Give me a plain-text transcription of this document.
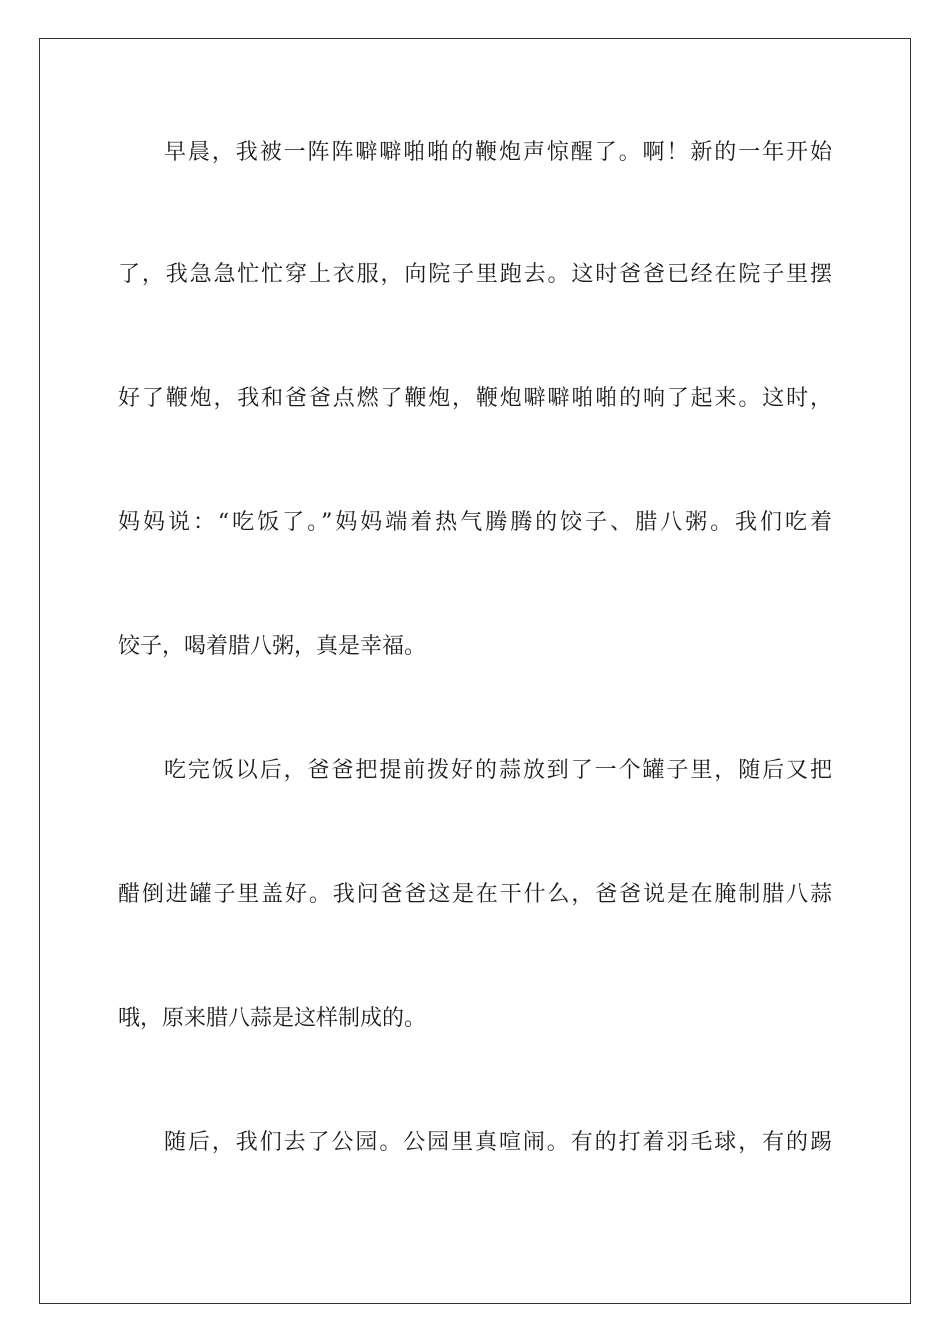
早晨，我被一阵阵噼噼啪啪的鞭炮声惊醒了。啊！新的一年开始
了，我急急忙忙穿上衣服，向院子里跑去。这时爸爸已经在院子里摆
好了鞭炮，我和爸爸点燃了鞭炮，鞭炮噼噼啪啪的响了起来。这时，
妈妈说：“吃饭了。”妈妈端着热气腾腾的饺子、腊八粥。我们吃着
饺子，喝着腊八粥，真是幸福。
吃完饭以后，爸爸把提前拨好的蒜放到了一个罐子里，随后又把
醋倒进罐子里盖好。我问爸爸这是在干什么，爸爸说是在腌制腊八蒜
哦，原来腊八蒜是这样制成的。
随后，我们去了公园。公园里真喧闹。有的打着羽毛球，有的踢
